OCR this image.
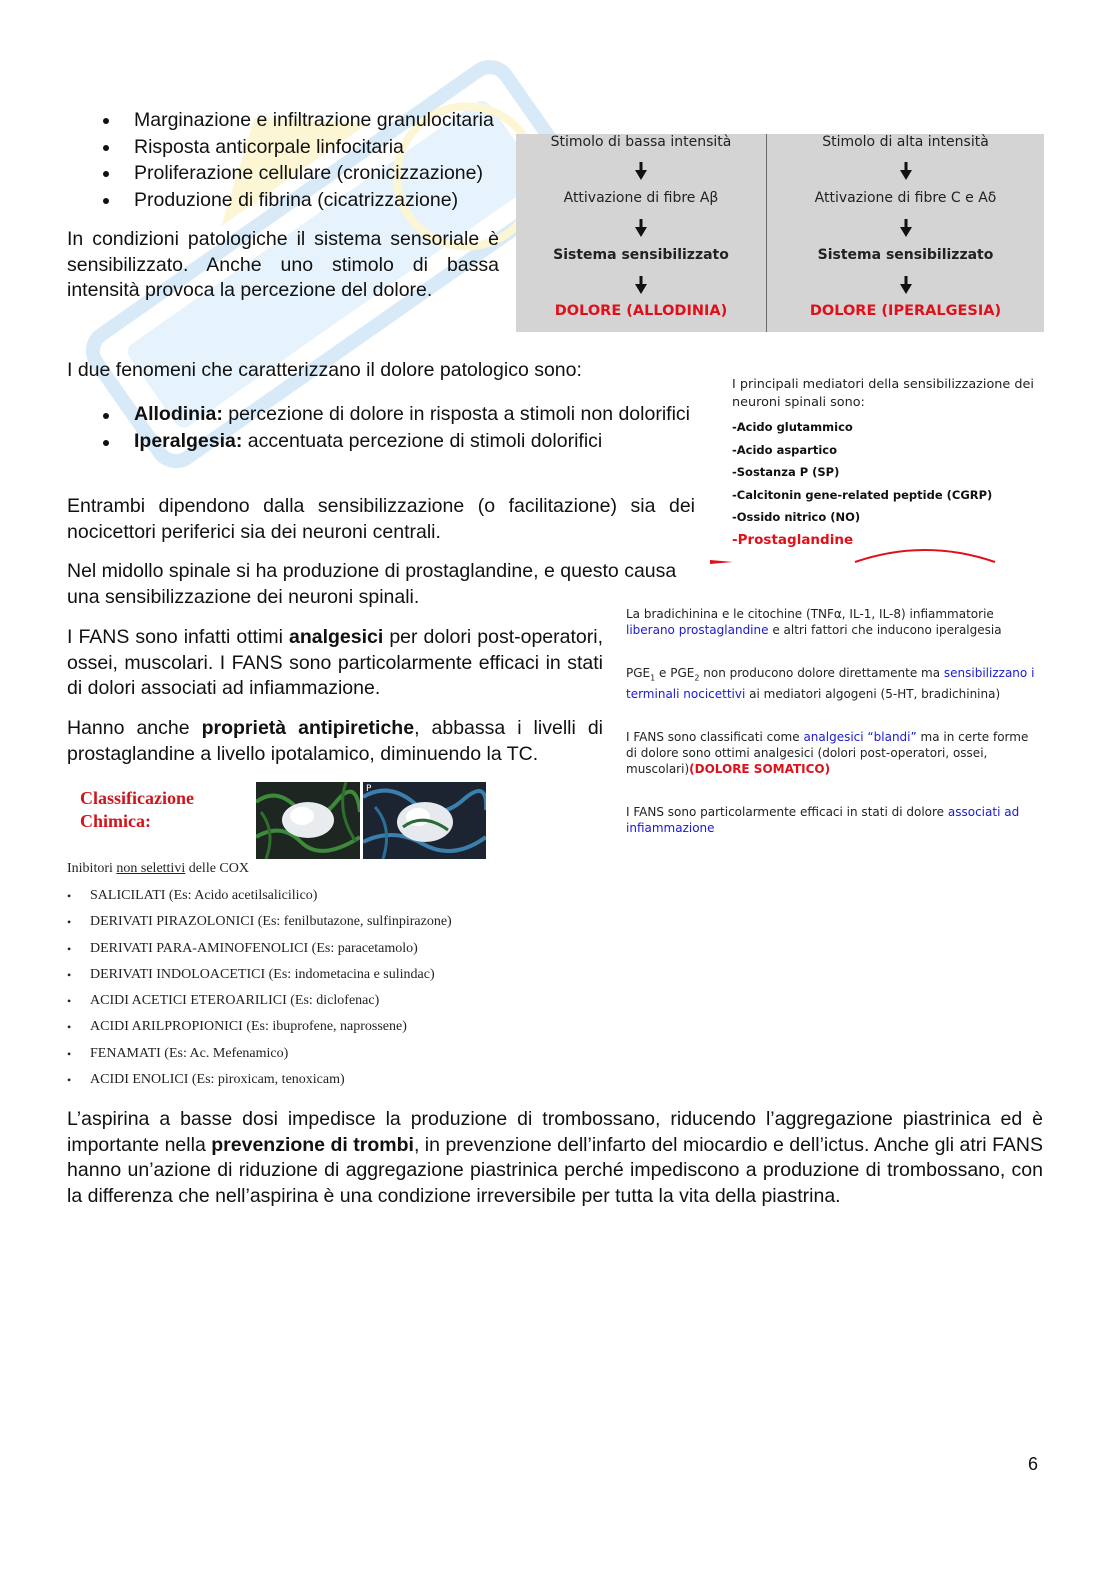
Marginazione e infiltrazione granulocitaria
Risposta anticorpale linfocitaria
Proliferazione cellulare (cronicizzazione)
Produzione di fibrina (cicatrizzazione)

In condizioni patologiche il sistema sensoriale è sensibilizzato. Anche uno stimolo di bassa intensità provoca la percezione del dolore.

Stimolo di bassa intensità
Attivazione di fibre Aβ
Sistema sensibilizzato
DOLORE (ALLODINIA)
Stimolo di alta intensità
Attivazione di fibre C e Aδ
Sistema sensibilizzato
DOLORE (IPERALGESIA)

I due fenomeni che caratterizzano il dolore patologico sono:

Allodinia: percezione di dolore in risposta a stimoli non dolorifici
Iperalgesia: accentuata percezione di stimoli dolorifici

Entrambi dipendono dalla sensibilizzazione (o facilitazione) sia dei nocicettori periferici sia dei neuroni centrali.

Nel midollo spinale si ha produzione di prostaglandine, e questo causa una sensibilizzazione dei neuroni spinali.

I FANS sono infatti ottimi analgesici per dolori post-operatori, ossei, muscolari. I FANS sono particolarmente efficaci in stati di dolori associati ad infiammazione.

Hanno anche proprietà antipiretiche, abbassa i livelli di prostaglandine a livello ipotalamico, diminuendo la TC.

I principali mediatori della sensibilizzazione dei neuroni spinali sono:
-Acido glutammico
-Acido aspartico
-Sostanza P (SP)
-Calcitonin gene-related peptide (CGRP)
-Ossido nitrico (NO)
-Prostaglandine

La bradichinina e le citochine (TNFα, IL-1, IL-8) infiammatorie liberano prostaglandine e altri fattori che inducono iperalgesia

$PGE_1$ e $PGE_2$ non producono dolore direttamente ma sensibilizzano i terminali nocicettivi ai mediatori algogeni (5-HT, bradichinina)

I FANS sono classificati come analgesici “blandi” ma in certe forme di dolore sono ottimi analgesici (dolori post-operatori, ossei, muscolari)(DOLORE SOMATICO)

I FANS sono particolarmente efficaci in stati di dolore associati ad infiammazione

Classificazione
Chimica:
P
Inibitori non selettivi delle COX
• SALICILATI (Es: Acido acetilsalicilico)
• DERIVATI PIRAZOLONICI (Es: fenilbutazone, sulfinpirazone)
• DERIVATI PARA-AMINOFENOLICI (Es: paracetamolo)
• DERIVATI INDOLOACETICI (Es: indometacina e sulindac)
• ACIDI ACETICI ETEROARILICI (Es: diclofenac)
• ACIDI ARILPROPIONICI (Es: ibuprofene, naprossene)
• FENAMATI (Es: Ac. Mefenamico)
• ACIDI ENOLICI (Es: piroxicam, tenoxicam)

L’aspirina a basse dosi impedisce la produzione di trombossano, riducendo l’aggregazione piastrinica ed è importante nella prevenzione di trombi, in prevenzione dell’infarto del miocardio e dell’ictus. Anche gli atri FANS hanno un’azione di riduzione di aggregazione piastrinica perché impediscono a produzione di trombossano, con la differenza che nell’aspirina è una condizione irreversibile per tutta la vita della piastrina.

6
